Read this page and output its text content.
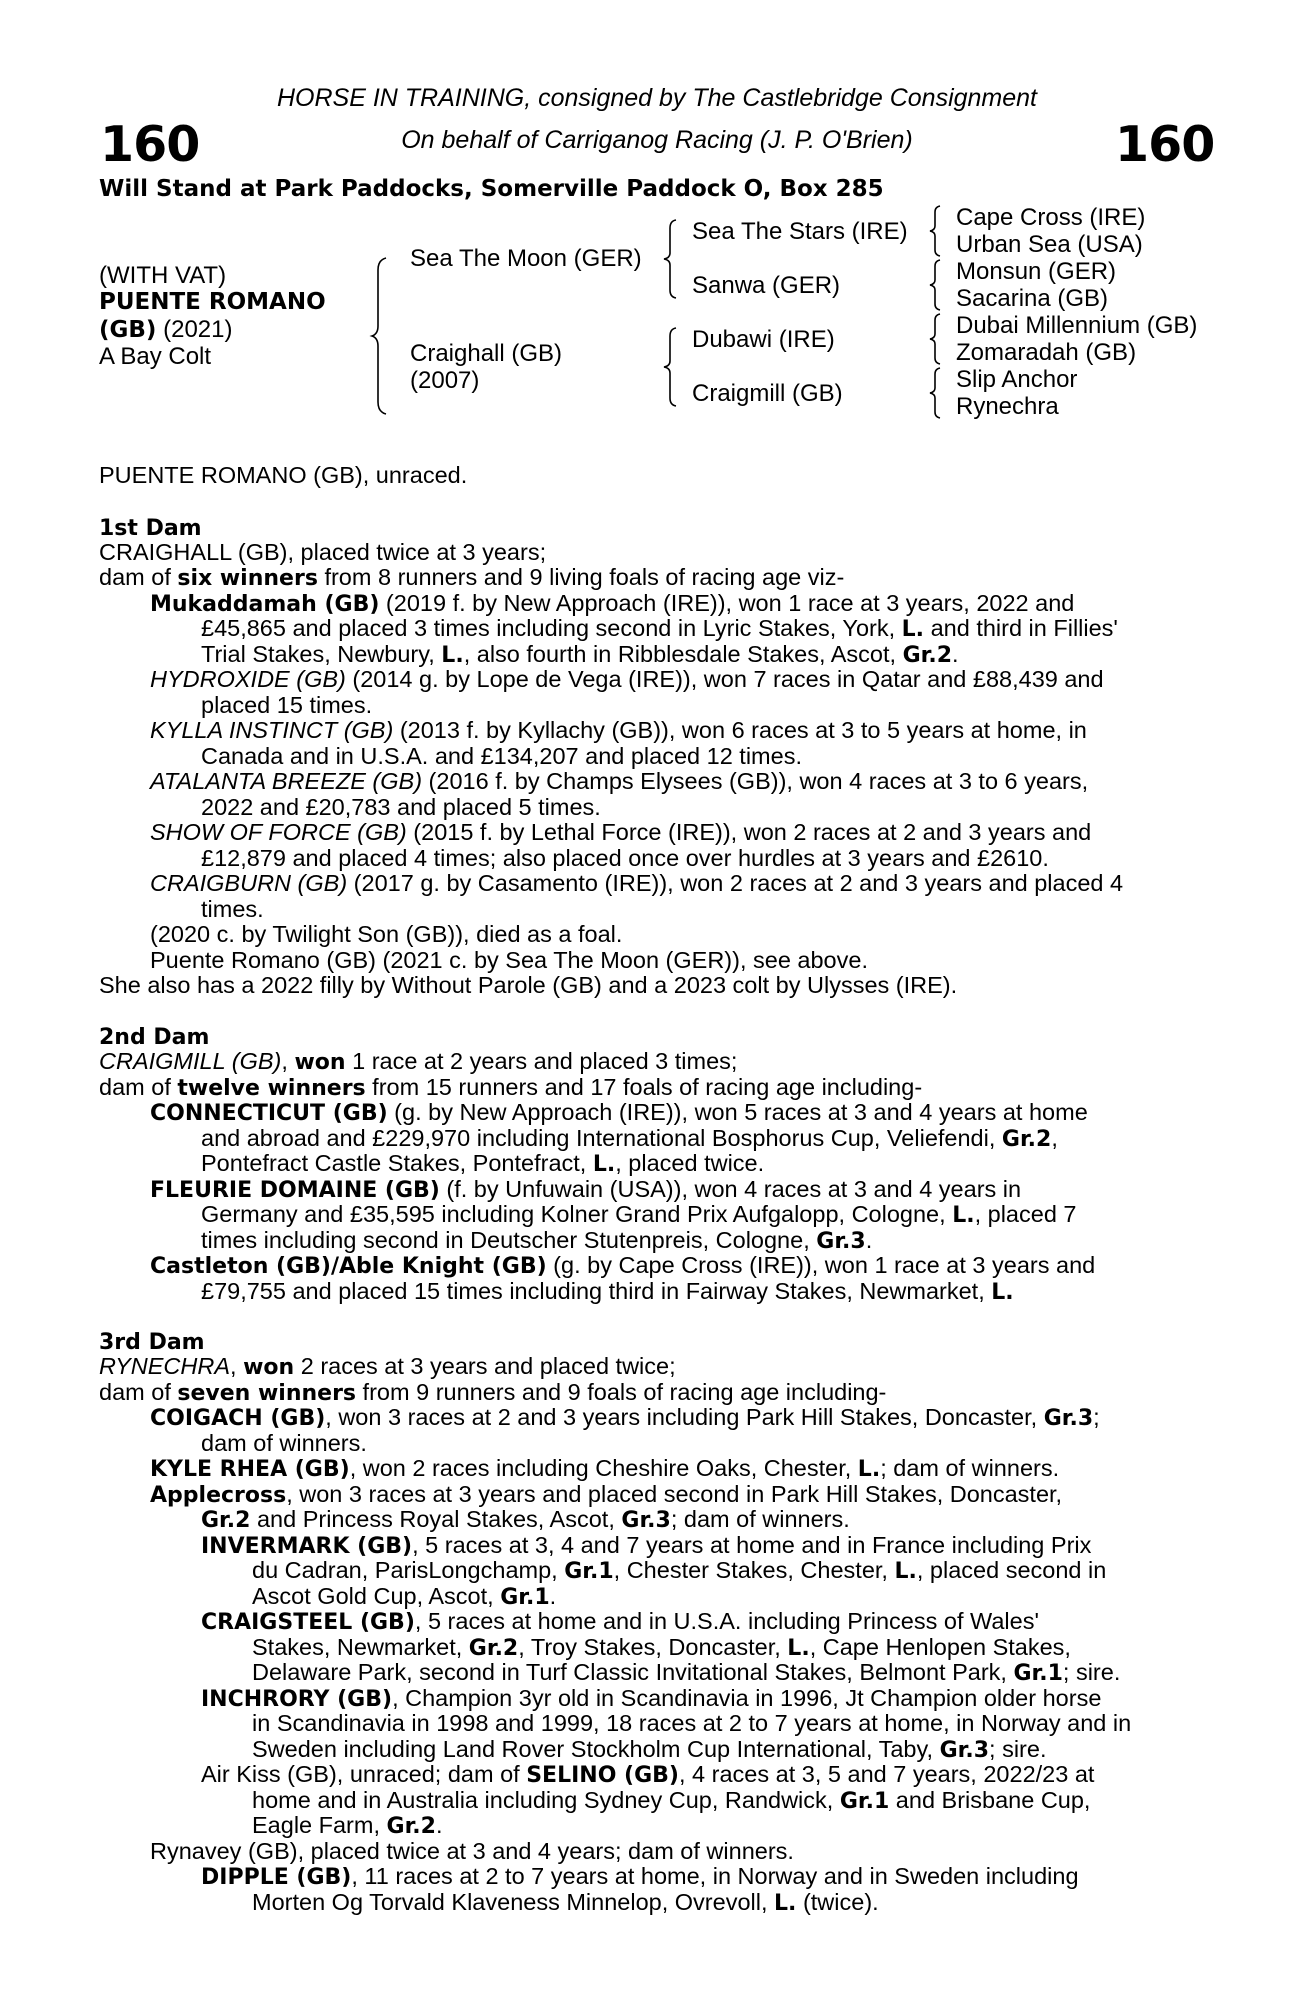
160	160
HORSE IN TRAINING, consigned by The Castlebridge Consignment
On behalf of Carriganog Racing (J. P. O'Brien)
Will Stand at Park Paddocks, Somerville Paddock O, Box 285
(WITH VAT)
PUENTE ROMANO
(GB) (2021)
A Bay Colt
Sea The Moon (GER)
Craighall (GB)
(2007)
Sea The Stars (IRE)
Sanwa (GER)
Dubawi (IRE)
Craigmill (GB)
Cape Cross (IRE)
Urban Sea (USA)
Monsun (GER)
Sacarina (GB)
Dubai Millennium (GB)
Zomaradah (GB)
Slip Anchor
Rynechra
PUENTE ROMANO (GB), unraced.
1st Dam
CRAIGHALL (GB), placed twice at 3 years;
dam of six winners from 8 runners and 9 living foals of racing age viz-
Mukaddamah (GB) (2019 f. by New Approach (IRE)), won 1 race at 3 years, 2022 and
£45,865 and placed 3 times including second in Lyric Stakes, York, L. and third in Fillies'
Trial Stakes, Newbury, L., also fourth in Ribblesdale Stakes, Ascot, Gr.2.
HYDROXIDE (GB) (2014 g. by Lope de Vega (IRE)), won 7 races in Qatar and £88,439 and
placed 15 times.
KYLLA INSTINCT (GB) (2013 f. by Kyllachy (GB)), won 6 races at 3 to 5 years at home, in
Canada and in U.S.A. and £134,207 and placed 12 times.
ATALANTA BREEZE (GB) (2016 f. by Champs Elysees (GB)), won 4 races at 3 to 6 years,
2022 and £20,783 and placed 5 times.
SHOW OF FORCE (GB) (2015 f. by Lethal Force (IRE)), won 2 races at 2 and 3 years and
£12,879 and placed 4 times; also placed once over hurdles at 3 years and £2610.
CRAIGBURN (GB) (2017 g. by Casamento (IRE)), won 2 races at 2 and 3 years and placed 4
times.
(2020 c. by Twilight Son (GB)), died as a foal.
Puente Romano (GB) (2021 c. by Sea The Moon (GER)), see above.
She also has a 2022 filly by Without Parole (GB) and a 2023 colt by Ulysses (IRE).
2nd Dam
CRAIGMILL (GB), won 1 race at 2 years and placed 3 times;
dam of twelve winners from 15 runners and 17 foals of racing age including-
CONNECTICUT (GB) (g. by New Approach (IRE)), won 5 races at 3 and 4 years at home
and abroad and £229,970 including International Bosphorus Cup, Veliefendi, Gr.2,
Pontefract Castle Stakes, Pontefract, L., placed twice.
FLEURIE DOMAINE (GB) (f. by Unfuwain (USA)), won 4 races at 3 and 4 years in
Germany and £35,595 including Kolner Grand Prix Aufgalopp, Cologne, L., placed 7
times including second in Deutscher Stutenpreis, Cologne, Gr.3.
Castleton (GB)/Able Knight (GB) (g. by Cape Cross (IRE)), won 1 race at 3 years and
£79,755 and placed 15 times including third in Fairway Stakes, Newmarket, L.
3rd Dam
RYNECHRA, won 2 races at 3 years and placed twice;
dam of seven winners from 9 runners and 9 foals of racing age including-
COIGACH (GB), won 3 races at 2 and 3 years including Park Hill Stakes, Doncaster, Gr.3;
dam of winners.
KYLE RHEA (GB), won 2 races including Cheshire Oaks, Chester, L.; dam of winners.
Applecross, won 3 races at 3 years and placed second in Park Hill Stakes, Doncaster,
Gr.2 and Princess Royal Stakes, Ascot, Gr.3; dam of winners.
INVERMARK (GB), 5 races at 3, 4 and 7 years at home and in France including Prix
du Cadran, ParisLongchamp, Gr.1, Chester Stakes, Chester, L., placed second in
Ascot Gold Cup, Ascot, Gr.1.
CRAIGSTEEL (GB), 5 races at home and in U.S.A. including Princess of Wales'
Stakes, Newmarket, Gr.2, Troy Stakes, Doncaster, L., Cape Henlopen Stakes,
Delaware Park, second in Turf Classic Invitational Stakes, Belmont Park, Gr.1; sire.
INCHRORY (GB), Champion 3yr old in Scandinavia in 1996, Jt Champion older horse
in Scandinavia in 1998 and 1999, 18 races at 2 to 7 years at home, in Norway and in
Sweden including Land Rover Stockholm Cup International, Taby, Gr.3; sire.
Air Kiss (GB), unraced; dam of SELINO (GB), 4 races at 3, 5 and 7 years, 2022/23 at
home and in Australia including Sydney Cup, Randwick, Gr.1 and Brisbane Cup,
Eagle Farm, Gr.2.
Rynavey (GB), placed twice at 3 and 4 years; dam of winners.
DIPPLE (GB), 11 races at 2 to 7 years at home, in Norway and in Sweden including
Morten Og Torvald Klaveness Minnelop, Ovrevoll, L. (twice).
